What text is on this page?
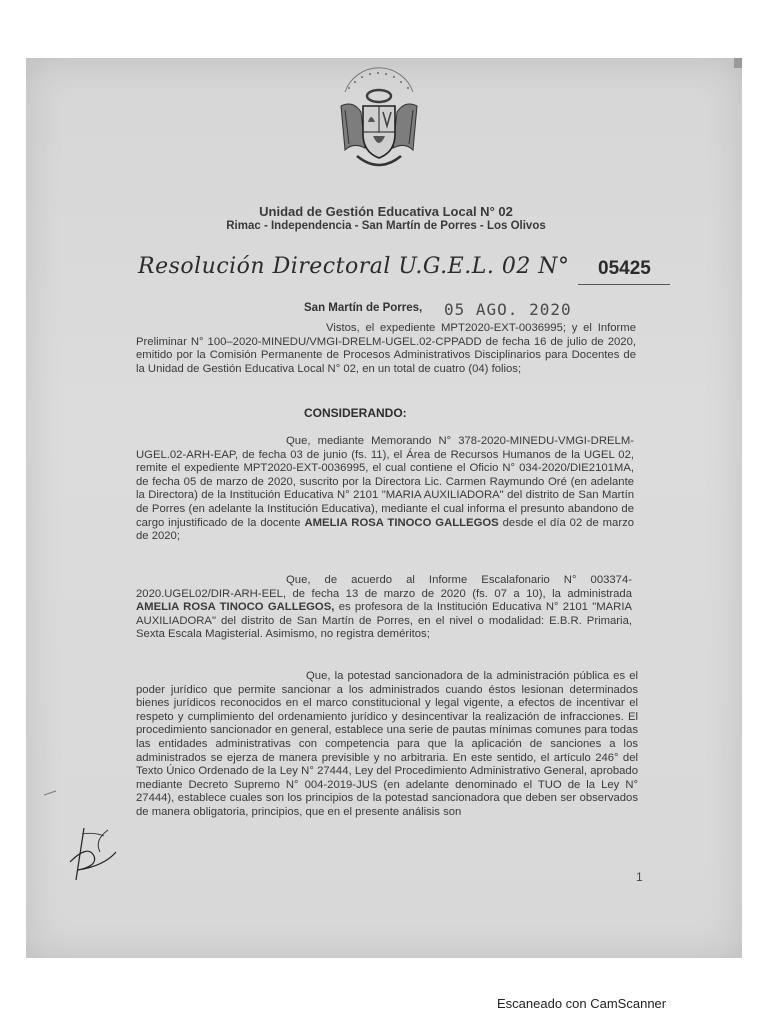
Unidad de Gestión Educativa Local N° 02
Rimac - Independencia - San Martín de Porres - Los Olivos
Resolución Directoral U.G.E.L. 02 N° 05425
San Martín de Porres, 05 AGO. 2020
Vistos, el expediente MPT2020-EXT-0036995; y el Informe Preliminar N° 100–2020-MINEDU/VMGI-DRELM-UGEL.02-CPPADD de fecha 16 de julio de 2020, emitido por la Comisión Permanente de Procesos Administrativos Disciplinarios para Docentes de la Unidad de Gestión Educativa Local N° 02, en un total de cuatro (04) folios;
CONSIDERANDO:
Que, mediante Memorando N° 378-2020-MINEDU-VMGI-DRELM-UGEL.02-ARH-EAP, de fecha 03 de junio (fs. 11), el Área de Recursos Humanos de la UGEL 02, remite el expediente MPT2020-EXT-0036995, el cual contiene el Oficio N° 034-2020/DIE2101MA, de fecha 05 de marzo de 2020, suscrito por la Directora Lic. Carmen Raymundo Oré (en adelante la Directora) de la Institución Educativa N° 2101 "MARIA AUXILIADORA" del distrito de San Martín de Porres (en adelante la Institución Educativa), mediante el cual informa el presunto abandono de cargo injustificado de la docente AMELIA ROSA TINOCO GALLEGOS desde el día 02 de marzo de 2020;
Que, de acuerdo al Informe Escalafonario N° 003374-2020.UGEL02/DIR-ARH-EEL, de fecha 13 de marzo de 2020 (fs. 07 a 10), la administrada AMELIA ROSA TINOCO GALLEGOS, es profesora de la Institución Educativa N° 2101 "MARIA AUXILIADORA" del distrito de San Martín de Porres, en el nivel o modalidad: E.B.R. Primaria, Sexta Escala Magisterial. Asimismo, no registra deméritos;
Que, la potestad sancionadora de la administración pública es el poder jurídico que permite sancionar a los administrados cuando éstos lesionan determinados bienes jurídicos reconocidos en el marco constitucional y legal vigente, a efectos de incentivar el respeto y cumplimiento del ordenamiento jurídico y desincentivar la realización de infracciones. El procedimiento sancionador en general, establece una serie de pautas mínimas comunes para todas las entidades administrativas con competencia para que la aplicación de sanciones a los administrados se ejerza de manera previsible y no arbitraria. En este sentido, el artículo 246° del Texto Único Ordenado de la Ley N° 27444, Ley del Procedimiento Administrativo General, aprobado mediante Decreto Supremo N° 004-2019-JUS (en adelante denominado el TUO de la Ley N° 27444), establece cuales son los principios de la potestad sancionadora que deben ser observados de manera obligatoria, principios, que en el presente análisis son
1
Escaneado con CamScanner
